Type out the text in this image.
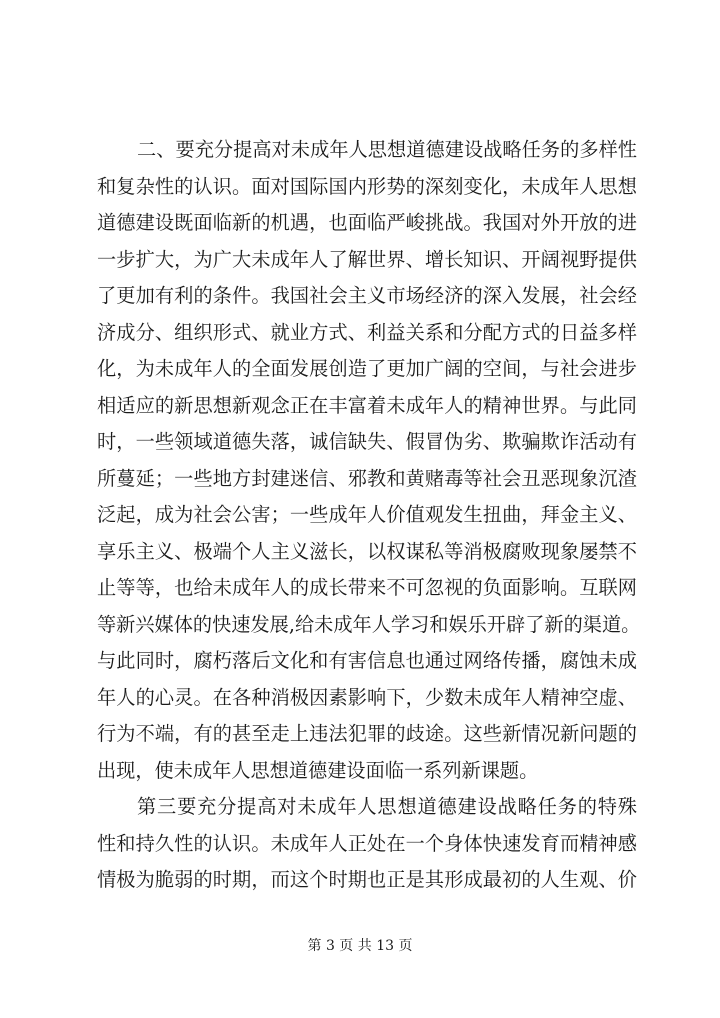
二、要充分提高对未成年人思想道德建设战略任务的多样性
和复杂性的认识。面对国际国内形势的深刻变化，未成年人思想
道德建设既面临新的机遇，也面临严峻挑战。我国对外开放的进
一步扩大，为广大未成年人了解世界、增长知识、开阔视野提供
了更加有利的条件。我国社会主义市场经济的深入发展，社会经
济成分、组织形式、就业方式、利益关系和分配方式的日益多样
化，为未成年人的全面发展创造了更加广阔的空间，与社会进步
相适应的新思想新观念正在丰富着未成年人的精神世界。与此同
时，一些领域道德失落，诚信缺失、假冒伪劣、欺骗欺诈活动有
所蔓延；一些地方封建迷信、邪教和黄赌毒等社会丑恶现象沉渣
泛起，成为社会公害；一些成年人价值观发生扭曲，拜金主义、
享乐主义、极端个人主义滋长，以权谋私等消极腐败现象屡禁不
止等等，也给未成年人的成长带来不可忽视的负面影响。互联网
等新兴媒体的快速发展,给未成年人学习和娱乐开辟了新的渠道。
与此同时，腐朽落后文化和有害信息也通过网络传播，腐蚀未成
年人的心灵。在各种消极因素影响下，少数未成年人精神空虚、
行为不端，有的甚至走上违法犯罪的歧途。这些新情况新问题的
出现，使未成年人思想道德建设面临一系列新课题。
第三要充分提高对未成年人思想道德建设战略任务的特殊
性和持久性的认识。未成年人正处在一个身体快速发育而精神感
情极为脆弱的时期，而这个时期也正是其形成最初的人生观、价
第 3 页 共 13 页
